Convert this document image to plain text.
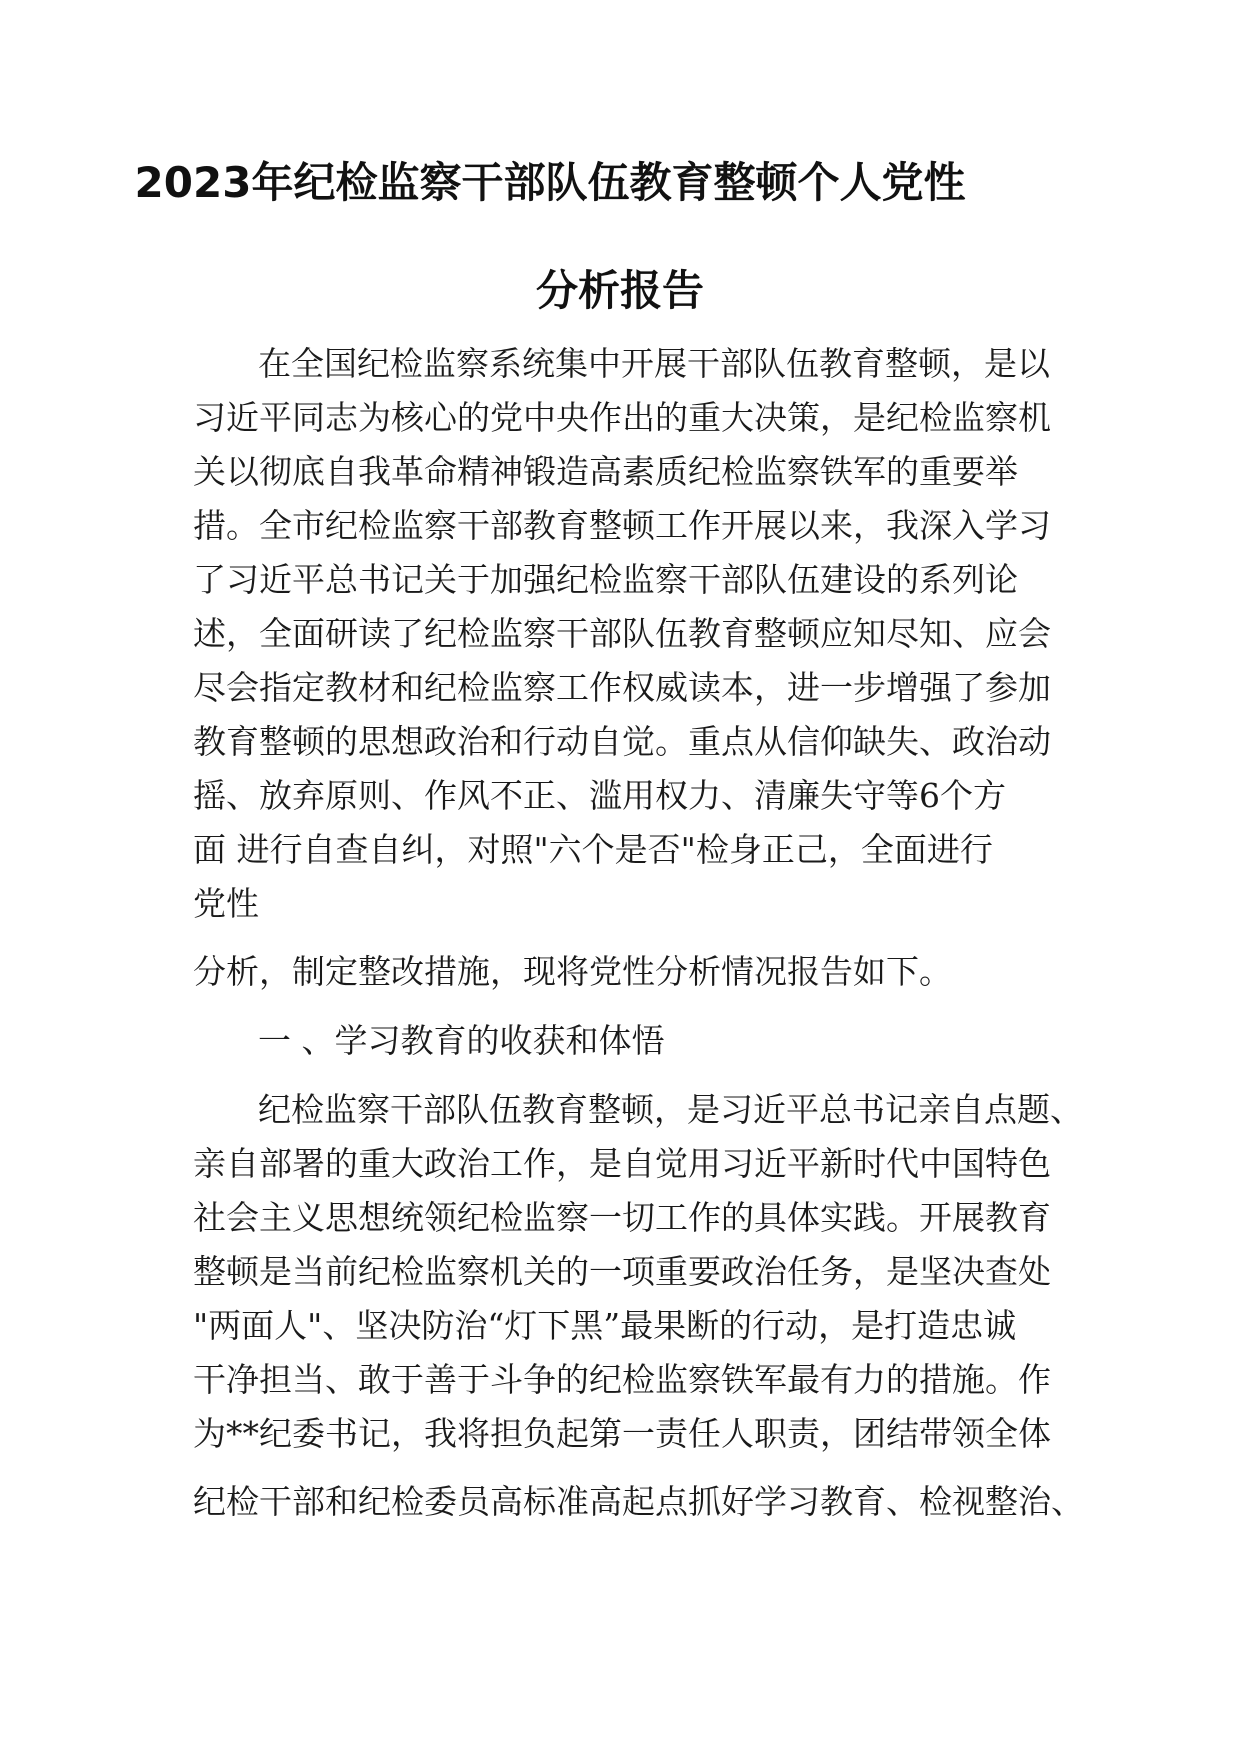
2023年纪检监察干部队伍教育整顿个人党性
分析报告
在全国纪检监察系统集中开展干部队伍教育整顿，是以
习近平同志为核心的党中央作出的重大决策，是纪检监察机
关以彻底自我革命精神锻造高素质纪检监察铁军的重要举
措。全市纪检监察干部教育整顿工作开展以来，我深入学习
了习近平总书记关于加强纪检监察干部队伍建设的系列论
述，全面研读了纪检监察干部队伍教育整顿应知尽知、应会
尽会指定教材和纪检监察工作权威读本，进一步增强了参加
教育整顿的思想政治和行动自觉。重点从信仰缺失、政治动
摇、放弃原则、作风不正、滥用权力、清廉失守等6个方
面 进行自查自纠，对照"六个是否"检身正己，全面进行
党性
分析，制定整改措施，现将党性分析情况报告如下。
一 、学习教育的收获和体悟
纪检监察干部队伍教育整顿，是习近平总书记亲自点题、
亲自部署的重大政治工作，是自觉用习近平新时代中国特色
社会主义思想统领纪检监察一切工作的具体实践。开展教育
整顿是当前纪检监察机关的一项重要政治任务，是坚决查处
"两面人"、坚决防治“灯下黑”最果断的行动，是打造忠诚
干净担当、敢于善于斗争的纪检监察铁军最有力的措施。作
为**纪委书记，我将担负起第一责任人职责，团结带领全体
纪检干部和纪检委员高标准高起点抓好学习教育、检视整治、
